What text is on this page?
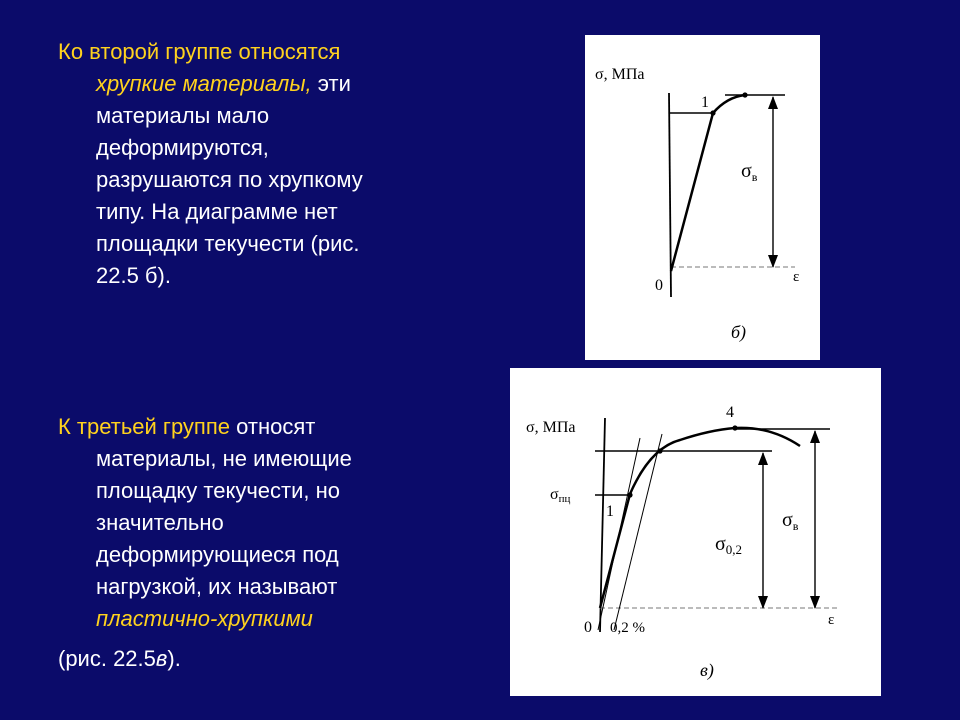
Ко второй группе относятся
хрупкие материалы, эти
материалы мало
деформируются,
разрушаются по хрупкому
типу. На диаграмме нет
площадки текучести (рис.
22.5 б).
К третьей группе относят
материалы, не имеющие
площадку текучести, но
значительно
деформирующиеся под
нагрузкой, их называют
пластично-хрупкими
(рис. 22.5в).
σ, МПа
1
$\sigma_в$
0	ε
б)
σ, МПа
4
σпц
1
$\sigma_{0,2}$
$\sigma_в$
0 0,2 %	ε
в)
